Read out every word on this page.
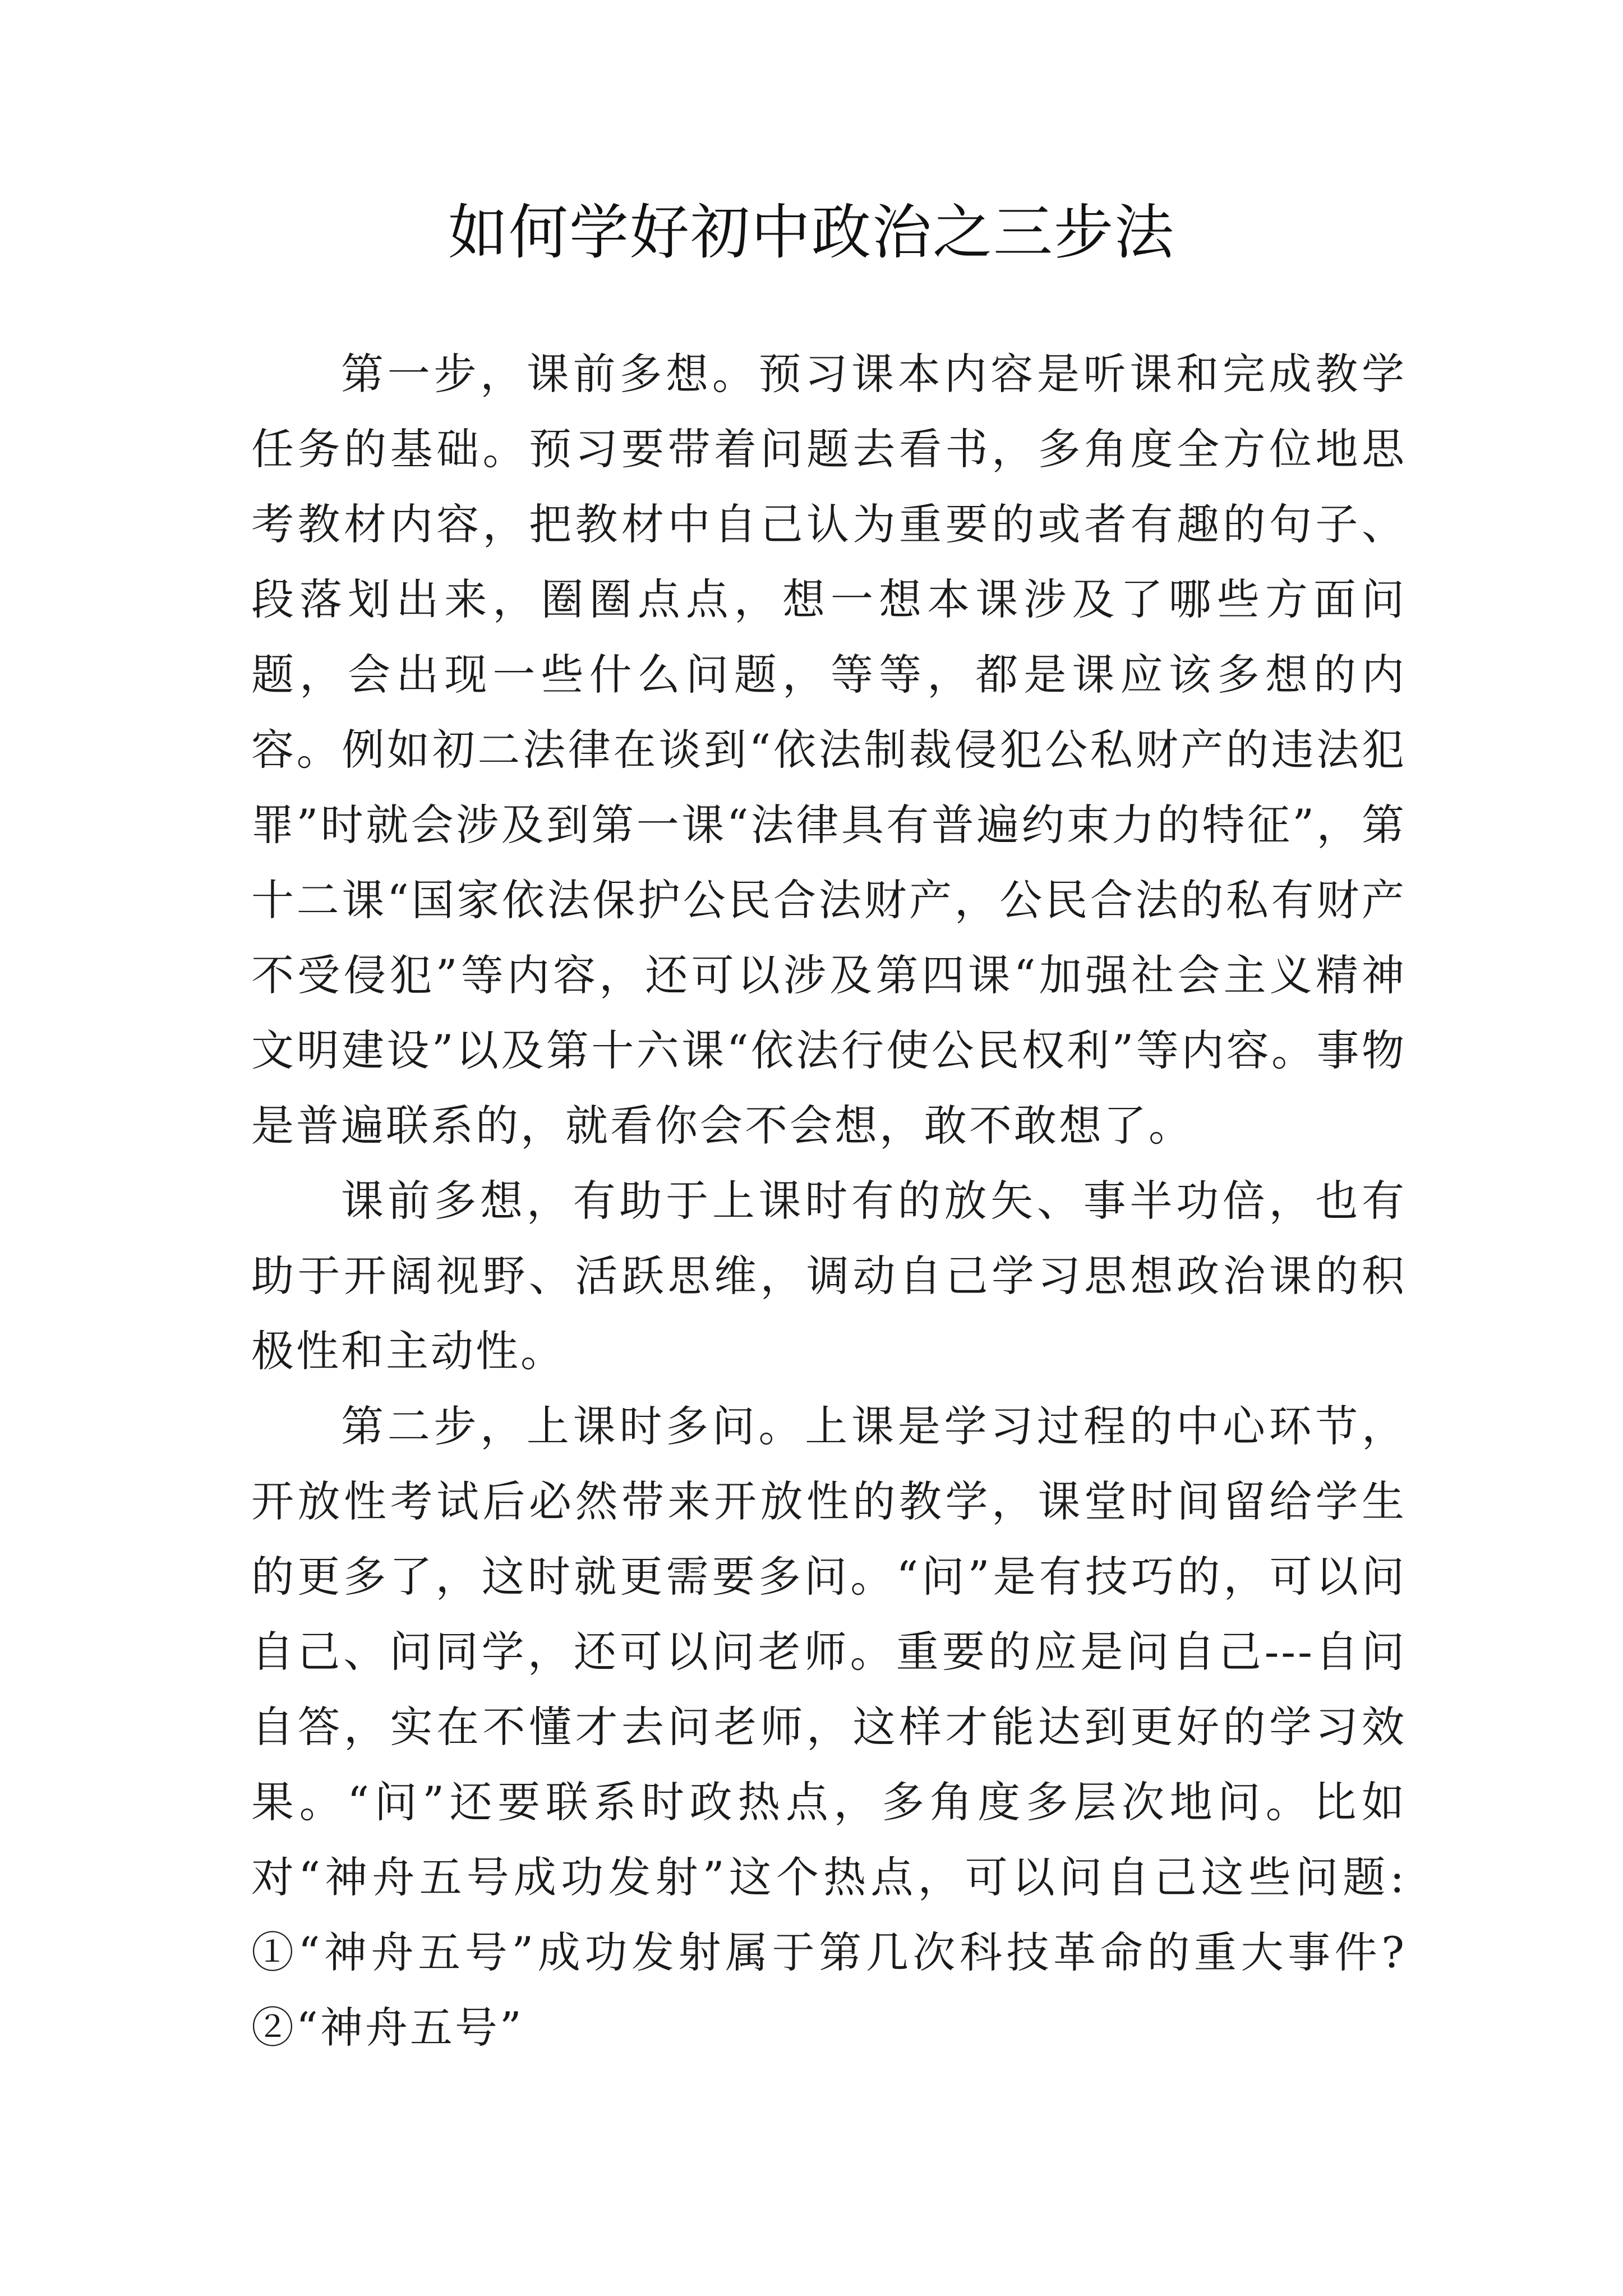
如何学好初中政治之三步法

第一步，课前多想。预习课本内容是听课和完成教学任务的基础。预习要带着问题去看书，多角度全方位地思考教材内容，把教材中自己认为重要的或者有趣的句子、段落划出来，圈圈点点，想一想本课涉及了哪些方面问题，会出现一些什么问题，等等，都是课应该多想的内容。例如初二法律在谈到“依法制裁侵犯公私财产的违法犯罪”时就会涉及到第一课“法律具有普遍约束力的特征”，第十二课“国家依法保护公民合法财产，公民合法的私有财产不受侵犯”等内容，还可以涉及第四课“加强社会主义精神文明建设”以及第十六课“依法行使公民权利”等内容。事物是普遍联系的，就看你会不会想，敢不敢想了。

课前多想，有助于上课时有的放矢、事半功倍，也有助于开阔视野、活跃思维，调动自己学习思想政治课的积极性和主动性。

第二步，上课时多问。上课是学习过程的中心环节，开放性考试后必然带来开放性的教学，课堂时间留给学生的更多了，这时就更需要多问。“问”是有技巧的，可以问自己、问同学，还可以问老师。重要的应是问自己---自问自答，实在不懂才去问老师，这样才能达到更好的学习效果。“问”还要联系时政热点，多角度多层次地问。比如对“神舟五号成功发射”这个热点，可以问自己这些问题:①“神舟五号”成功发射属于第几次科技革命的重大事件?②“神舟五号”
